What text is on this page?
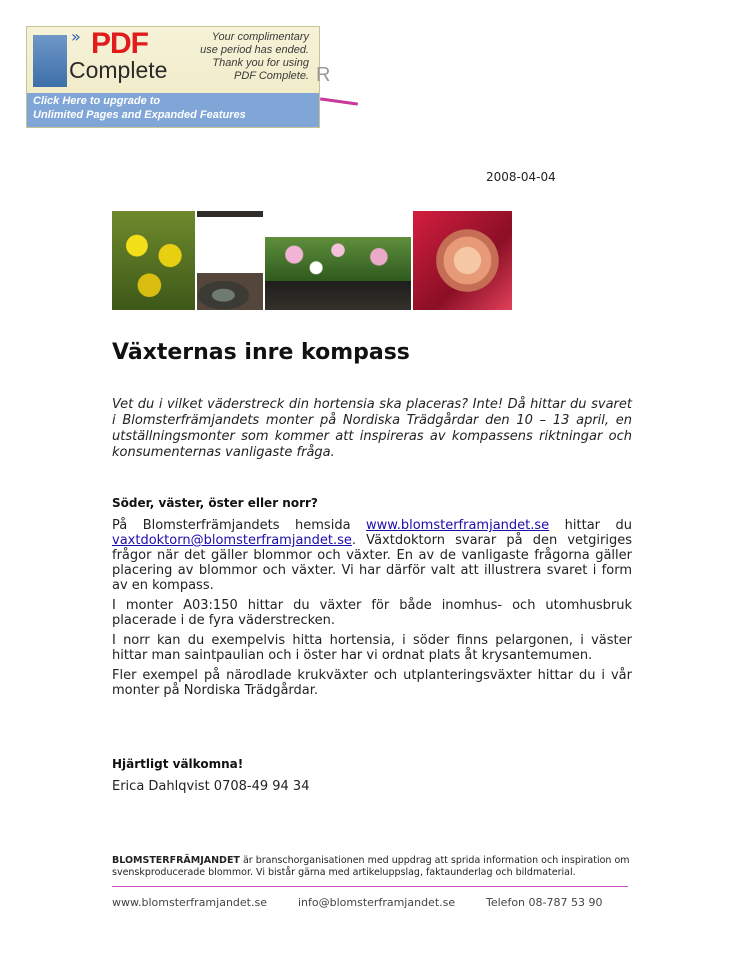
» PDF
Complete
Your complimentary
use period has ended.
Thank you for using
PDF Complete.
Click Here to upgrade to
Unlimited Pages and Expanded Features
R
2008-04-04
Växternas inre kompass

Vet du i vilket väderstreck din hortensia ska placeras? Inte! Då hittar du svaret i Blomsterfrämjandets monter på Nordiska Trädgårdar den 10 – 13 april, en utställningsmonter som kommer att inspireras av kompassens riktningar och konsumenternas vanligaste fråga.

Söder, väster, öster eller norr?

På Blomsterfrämjandets hemsida www.blomsterframjandet.se hittar du vaxtdoktorn@blomsterframjandet.se. Växtdoktorn svarar på den vetgiriges frågor när det gäller blommor och växter. En av de vanligaste frågorna gäller placering av blommor och växter. Vi har därför valt att illustrera svaret i form av en kompass.

I monter A03:150 hittar du växter för både inomhus- och utomhusbruk placerade i de fyra väderstrecken.

I norr kan du exempelvis hitta hortensia, i söder finns pelargonen, i väster hittar man saintpaulian och i öster har vi ordnat plats åt krysantemumen.

Fler exempel på närodlade krukväxter och utplanteringsväxter hittar du i vår monter på Nordiska Trädgårdar.

Hjärtligt välkomna!

Erica Dahlqvist 0708-49 94 34

BLOMSTERFRÄMJANDET är branschorganisationen med uppdrag att sprida information och inspiration om svenskproducerade blommor. Vi bistår gärna med artikeluppslag, faktaunderlag och bildmaterial.
www.blomsterframjandet.se	info@blomsterframjandet.se	Telefon 08-787 53 90
